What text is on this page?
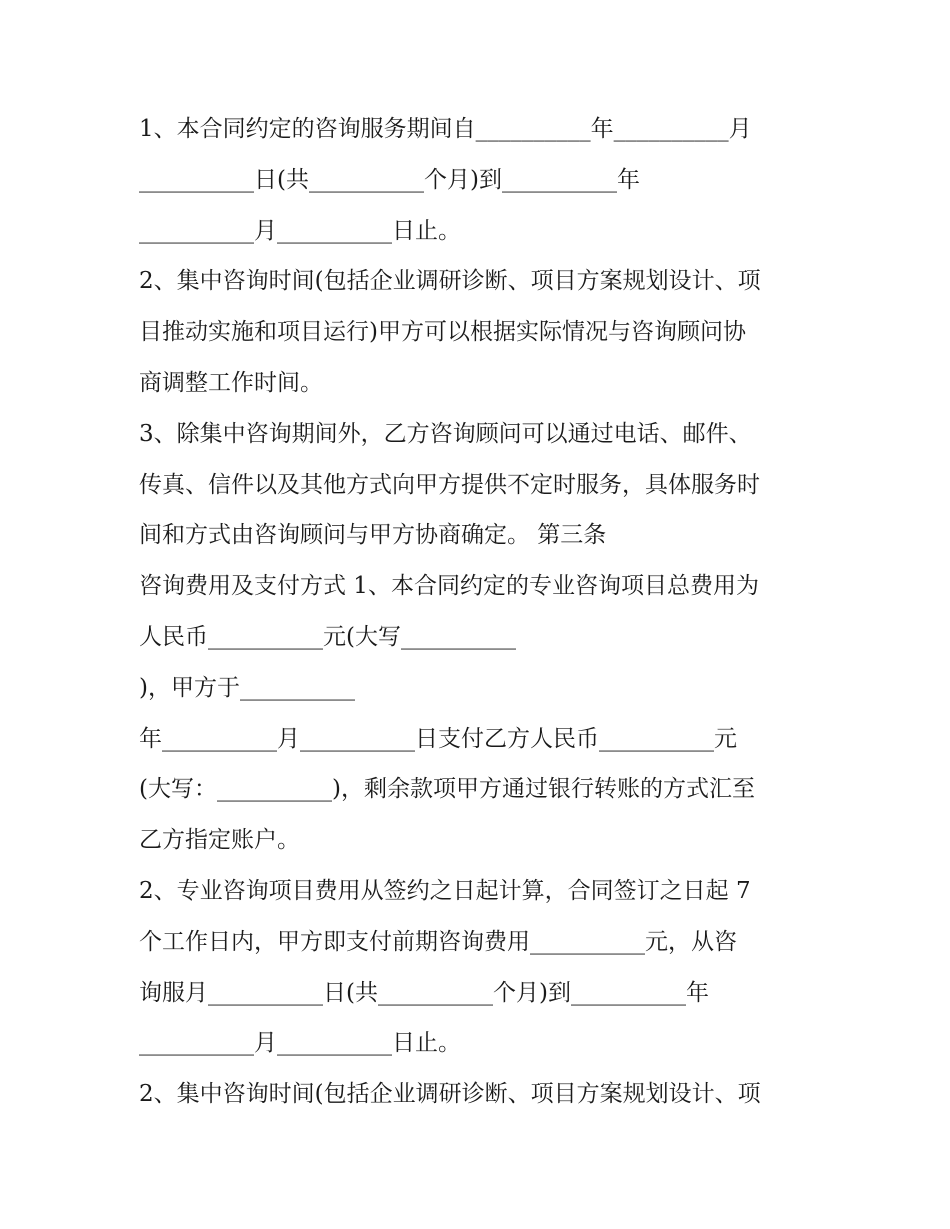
1、本合同约定的咨询服务期间自__________年__________月
__________日(共__________个月)到__________年
__________月__________日止。
2、集中咨询时间(包括企业调研诊断、项目方案规划设计、项
目推动实施和项目运行)甲方可以根据实际情况与咨询顾问协
商调整工作时间。
3、除集中咨询期间外，乙方咨询顾问可以通过电话、邮件、
传真、信件以及其他方式向甲方提供不定时服务，具体服务时
间和方式由咨询顾问与甲方协商确定。 第三条
咨询费用及支付方式 1、本合同约定的专业咨询项目总费用为
人民币__________元(大写__________
)，甲方于__________
年__________月__________日支付乙方人民币__________元
(大写：__________)，剩余款项甲方通过银行转账的方式汇至
乙方指定账户。
2、专业咨询项目费用从签约之日起计算，合同签订之日起 7
个工作日内，甲方即支付前期咨询费用__________元，从咨
询服月__________日(共__________个月)到__________年
__________月__________日止。
2、集中咨询时间(包括企业调研诊断、项目方案规划设计、项
